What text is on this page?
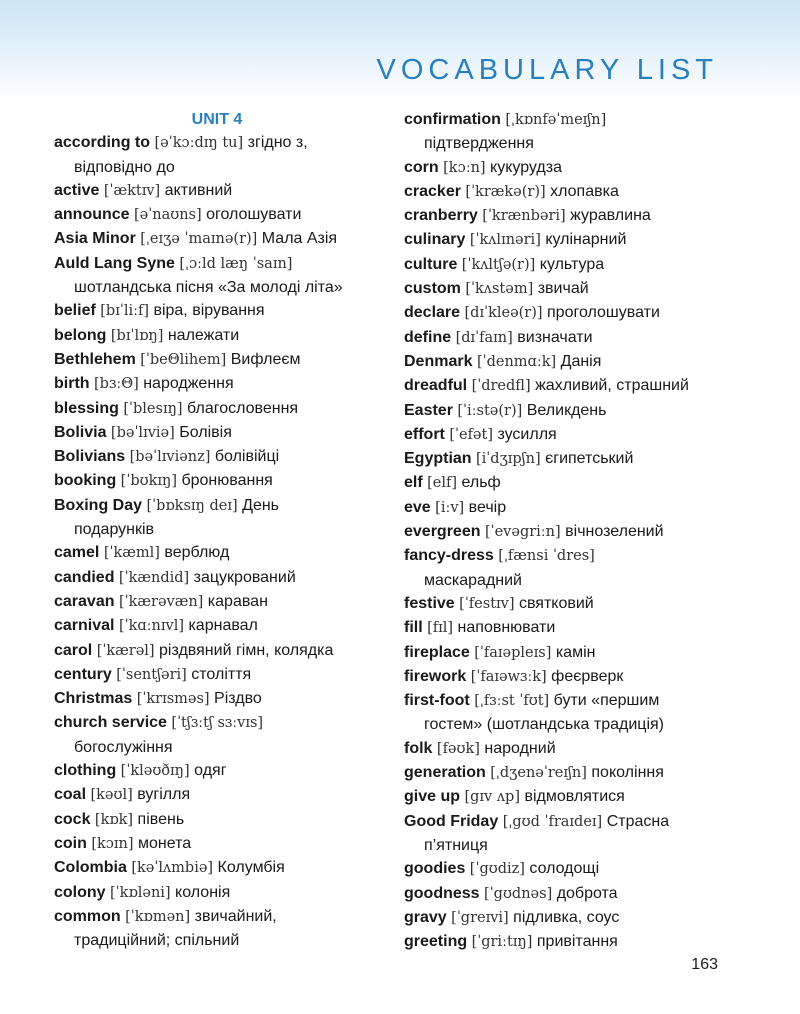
VOCABULARY LIST
UNIT 4
according to [əˈkɔːdɪŋ tu] згідно з,
відповідно до
active [ˈæktɪv] активний
announce [əˈnaʊns] оголошувати
Asia Minor [ˌeɪʒə ˈmaɪnə(r)] Мала Азія
Auld Lang Syne [ˌɔːld læŋ ˈsaɪn]
шотландська пісня «За молоді літа»
belief [bɪˈliːf] віра, вірування
belong [bɪˈlɒŋ] належати
Bethlehem [ˈbeΘlihem] Вифлеєм
birth [bɜːΘ] народження
blessing [ˈblesɪŋ] благословення
Bolivia [bəˈlɪviə] Болівія
Bolivians [bəˈlɪviənz] болівійці
booking [ˈbʊkɪŋ] бронювання
Boxing Day [ˈbɒksɪŋ deɪ] День
подарунків
camel [ˈkæml] верблюд
candied [ˈkændid] зацукрований
caravan [ˈkærəvæn] караван
carnival [ˈkɑːnɪvl] карнавал
carol [ˈkærəl] різдвяний гімн, колядка
century [ˈsentʃəri] століття
Christmas [ˈkrɪsməs] Різдво
church service [ˈtʃɜːtʃ sɜːvɪs]
богослужіння
clothing [ˈkləʊðɪŋ] одяг
coal [kəʊl] вугілля
cock [kɒk] півень
coin [kɔɪn] монета
Colombia [kəˈlʌmbiə] Колумбія
colony [ˈkɒləni] колонія
common [ˈkɒmən] звичайний,
традиційний; спільний
confirmation [ˌkɒnfəˈmeɪʃn]
підтвердження
corn [kɔːn] кукурудза
cracker [ˈkrækə(r)] хлопавка
cranberry [ˈkrænbəri] журавлина
culinary [ˈkʌlɪnəri] кулінарний
culture [ˈkʌltʃə(r)] культура
custom [ˈkʌstəm] звичай
declare [dɪˈkleə(r)] проголошувати
define [dɪˈfaɪn] визначати
Denmark [ˈdenmɑːk] Данія
dreadful [ˈdredfl] жахливий, страшний
Easter [ˈiːstə(r)] Великдень
effort [ˈefət] зусилля
Egyptian [iˈdʒɪpʃn] єгипетський
elf [elf] ельф
eve [iːv] вечір
evergreen [ˈevəgriːn] вічнозелений
fancy-dress [ˌfænsi ˈdres]
маскарадний
festive [ˈfestɪv] святковий
fill [fɪl] наповнювати
fireplace [ˈfaɪəpleɪs] камін
firework [ˈfaɪəwɜːk] феєрверк
first-foot [ˌfɜːst ˈfʊt] бути «першим
гостем» (шотландська традиція)
folk [fəʊk] народний
generation [ˌdʒenəˈreɪʃn] покоління
give up [gɪv ʌp] відмовлятися
Good Friday [ˌgʊd ˈfraɪdeɪ] Страсна
п’ятниця
goodies [ˈgʊdiz] солодощі
goodness [ˈgʊdnəs] доброта
gravy [ˈgreɪvi] підливка, соус
greeting [ˈgriːtɪŋ] привітання
163
